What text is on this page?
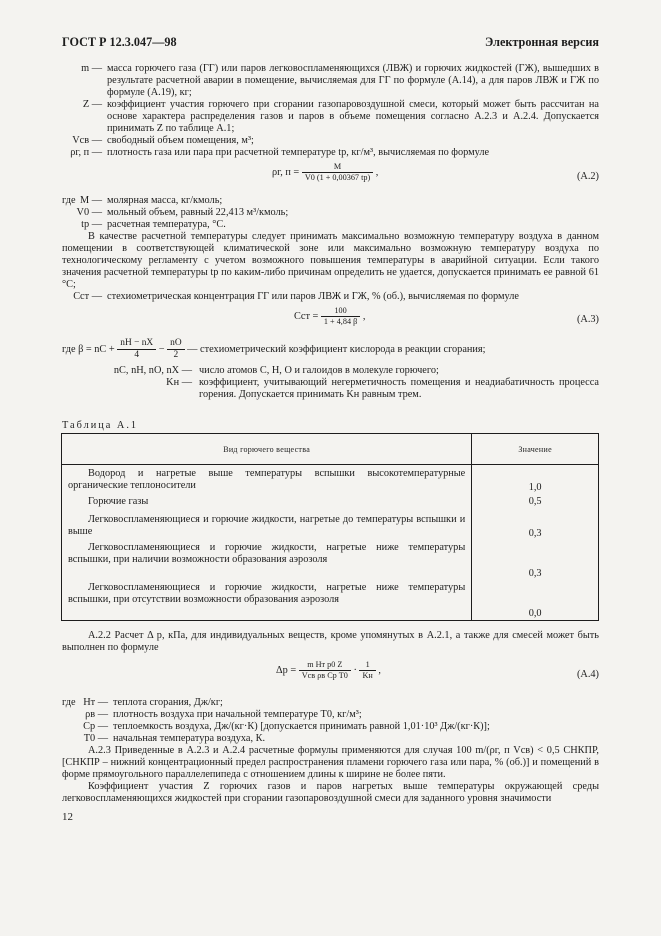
ГОСТ Р 12.3.047—98	Электронная версия
m — масса горючего газа (ГГ) или паров легковоспламеняющихся (ЛВЖ) и горючих жидкостей (ГЖ), вышедших в результате расчетной аварии в помещение, вычисляемая для ГГ по формуле (А.14), а для паров ЛВЖ и ГЖ по формуле (А.19), кг;
Z — коэффициент участия горючего при сгорании газопаровоздушной смеси, который может быть рассчитан на основе характера распределения газов и паров в объеме помещения согласно А.2.3 и А.2.4. Допускается принимать Z по таблице А.1;
Vсв — свободный объем помещения, м³;
ρг, п — плотность газа или пара при расчетной температуре tр, кг/м³, вычисляемая по формуле
ρг, $п = \frac{M}{V0 (1 + 0,00367 tр)}$ ,	(А.2)
где M — молярная масса, кг/кмоль;
V0 — мольный объем, равный 22,413 м³/кмоль;
tр — расчетная температура, °С.
В качестве расчетной температуры следует принимать максимально возможную температуру воздуха в данном помещении в соответствующей климатической зоне или максимально возможную температуру воздуха по технологическому регламенту с учетом возможного повышения температуры в аварийной ситуации. Если такого значения расчетной температуры tр по каким-либо причинам определить не удается, допускается принимать ее равной 61 °С;
Cст — стехиометрическая концентрация ГГ или паров ЛВЖ и ГЖ, % (об.), вычисляемая по формуле
Cст = $\frac{100}{1 + 4,84 \beta}$ ,	(А.3)
где β = nC + $\frac{nН - nХ}{4} - \frac{nО}{2}$ — стехиометрический коэффициент кислорода в реакции сгорания;
nC, nН, nО, nХ — число атомов С, Н, О и галоидов в молекуле горючего;
Kн — коэффициент, учитывающий негерметичность помещения и неадиабатичность процесса горения. Допускается принимать Kн равным трем.
Таблица А.1
Вид горючего вещества	Значение

Водород и нагретые выше температуры вспышки высокотемпературные органические теплоносители	1,0

Горючие газы	0,5

Легковоспламеняющиеся и горючие жидкости, нагретые до температуры вспышки и выше	0,3

Легковоспламеняющиеся и горючие жидкости, нагретые ниже температуры вспышки, при наличии возможности образования аэрозоля	0,3

Легковоспламеняющиеся и горючие жидкости, нагретые ниже температуры вспышки, при отсутствии возможности образования аэрозоля	0,0
А.2.2 Расчет Δ p, кПа, для индивидуальных веществ, кроме упомянутых в А.2.1, а также для смесей может быть выполнен по формуле
$\Delta p = \frac{\text{m Hт p0 Z}}{\text{Vсв ρв Cр T0}} \cdot \frac{1}{Kн}$ ,	(А.4)
где Hт — теплота сгорания, Дж/кг;
ρв — плотность воздуха при начальной температуре T0, кг/м³;
Cр — теплоемкость воздуха, Дж/(кг·К) [допускается принимать равной 1,01·10³ Дж/(кг·К)];
T0 — начальная температура воздуха, К.
А.2.3 Приведенные в А.2.3 и А.2.4 расчетные формулы применяются для случая 100 m/(ρг, п Vсв) < 0,5 CНКПР, [CНКПР – нижний концентрационный предел распространения пламени горючего газа или пара, % (об.)] и помещений в форме прямоугольного параллелепипеда с отношением длины к ширине не более пяти.
Коэффициент участия Z горючих газов и паров нагретых выше температуры окружающей среды легковоспламеняющихся жидкостей при сгорании газопаровоздушной смеси для заданного уровня значимости
12
